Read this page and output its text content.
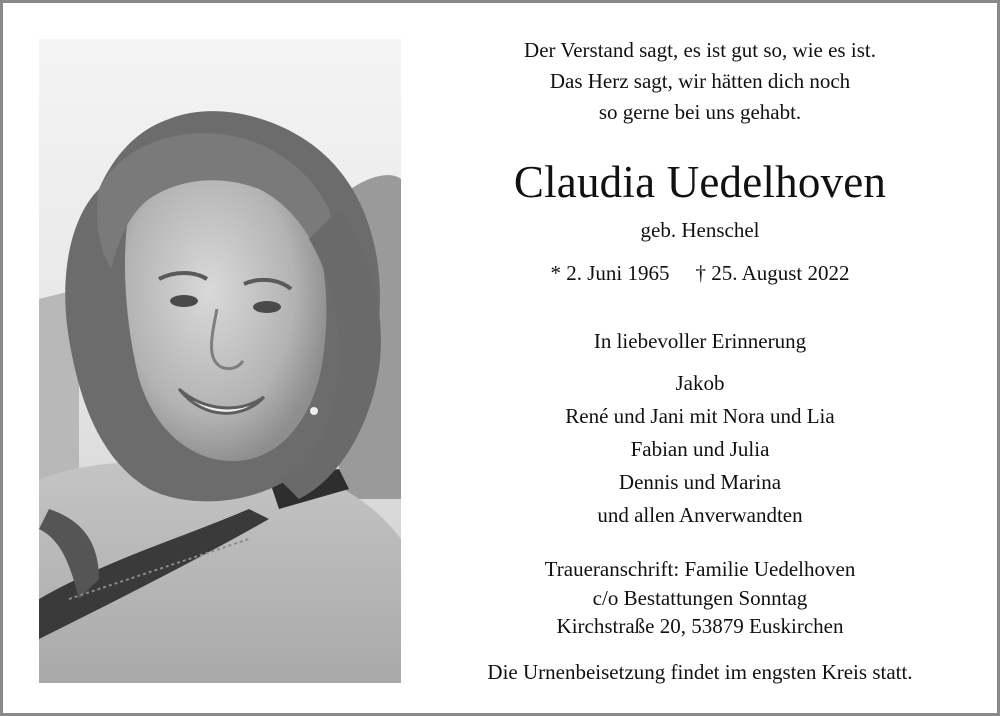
Der Verstand sagt, es ist gut so, wie es ist.
Das Herz sagt, wir hätten dich noch
so gerne bei uns gehabt.
Claudia Uedelhoven
geb. Henschel
* 2. Juni 1965 † 25. August 2022
In liebevoller Erinnerung
Jakob
René und Jani mit Nora und Lia
Fabian und Julia
Dennis und Marina
und allen Anverwandten
Traueranschrift: Familie Uedelhoven
c/o Bestattungen Sonntag
Kirchstraße 20, 53879 Euskirchen
Die Urnenbeisetzung findet im engsten Kreis statt.
